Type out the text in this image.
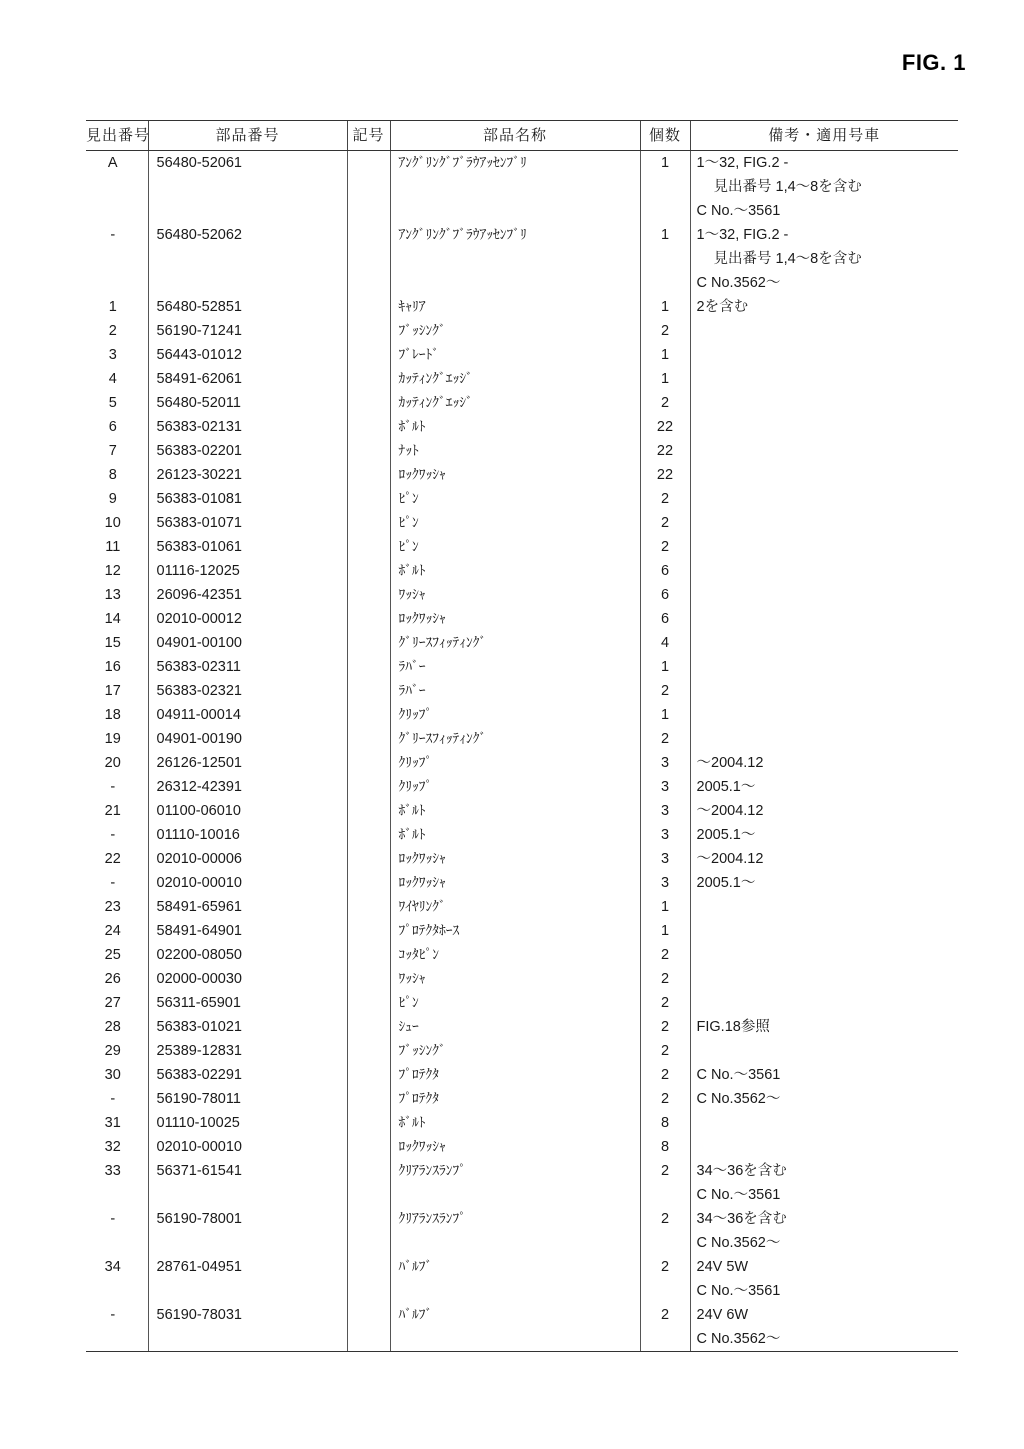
FIG. 1
見出番号	部品番号	記号	部品名称	個数	備考・適用号車
A	56480-52061		ｱﾝｸﾞﾘﾝｸﾞﾌﾞﾗｳｱｯｾﾝﾌﾞﾘ	1	1〜32, FIG.2 -
					見出番号 1,4〜8を含む
					C No.〜3561
-	56480-52062		ｱﾝｸﾞﾘﾝｸﾞﾌﾞﾗｳｱｯｾﾝﾌﾞﾘ	1	1〜32, FIG.2 -
					見出番号 1,4〜8を含む
					C No.3562〜
1	56480-52851		ｷｬﾘｱ	1	2を含む
2	56190-71241		ﾌﾞｯｼﾝｸﾞ	2	
3	56443-01012		ﾌﾞﾚｰﾄﾞ	1	
4	58491-62061		ｶｯﾃｨﾝｸﾞｴｯｼﾞ	1	
5	56480-52011		ｶｯﾃｨﾝｸﾞｴｯｼﾞ	2	
6	56383-02131		ﾎﾞﾙﾄ	22	
7	56383-02201		ﾅｯﾄ	22	
8	26123-30221		ﾛｯｸﾜｯｼｬ	22	
9	56383-01081		ﾋﾟﾝ	2	
10	56383-01071		ﾋﾟﾝ	2	
11	56383-01061		ﾋﾟﾝ	2	
12	01116-12025		ﾎﾞﾙﾄ	6	
13	26096-42351		ﾜｯｼｬ	6	
14	02010-00012		ﾛｯｸﾜｯｼｬ	6	
15	04901-00100		ｸﾞﾘｰｽﾌｨｯﾃｨﾝｸﾞ	4	
16	56383-02311		ﾗﾊﾞｰ	1	
17	56383-02321		ﾗﾊﾞｰ	2	
18	04911-00014		ｸﾘｯﾌﾟ	1	
19	04901-00190		ｸﾞﾘｰｽﾌｨｯﾃｨﾝｸﾞ	2	
20	26126-12501		ｸﾘｯﾌﾟ	3	〜2004.12
-	26312-42391		ｸﾘｯﾌﾟ	3	2005.1〜
21	01100-06010		ﾎﾞﾙﾄ	3	〜2004.12
-	01110-10016		ﾎﾞﾙﾄ	3	2005.1〜
22	02010-00006		ﾛｯｸﾜｯｼｬ	3	〜2004.12
-	02010-00010		ﾛｯｸﾜｯｼｬ	3	2005.1〜
23	58491-65961		ﾜｲﾔﾘﾝｸﾞ	1	
24	58491-64901		ﾌﾟﾛﾃｸﾀﾎｰｽ	1	
25	02200-08050		ｺｯﾀﾋﾟﾝ	2	
26	02000-00030		ﾜｯｼｬ	2	
27	56311-65901		ﾋﾟﾝ	2	
28	56383-01021		ｼｭｰ	2	FIG.18参照
29	25389-12831		ﾌﾞｯｼﾝｸﾞ	2	
30	56383-02291		ﾌﾟﾛﾃｸﾀ	2	C No.〜3561
-	56190-78011		ﾌﾟﾛﾃｸﾀ	2	C No.3562〜
31	01110-10025		ﾎﾞﾙﾄ	8	
32	02010-00010		ﾛｯｸﾜｯｼｬ	8	
33	56371-61541		ｸﾘｱﾗﾝｽﾗﾝﾌﾟ	2	34〜36を含む
					C No.〜3561
-	56190-78001		ｸﾘｱﾗﾝｽﾗﾝﾌﾟ	2	34〜36を含む
					C No.3562〜
34	28761-04951		ﾊﾞﾙﾌﾞ	2	24V 5W
					C No.〜3561
-	56190-78031		ﾊﾞﾙﾌﾞ	2	24V 6W
					C No.3562〜
